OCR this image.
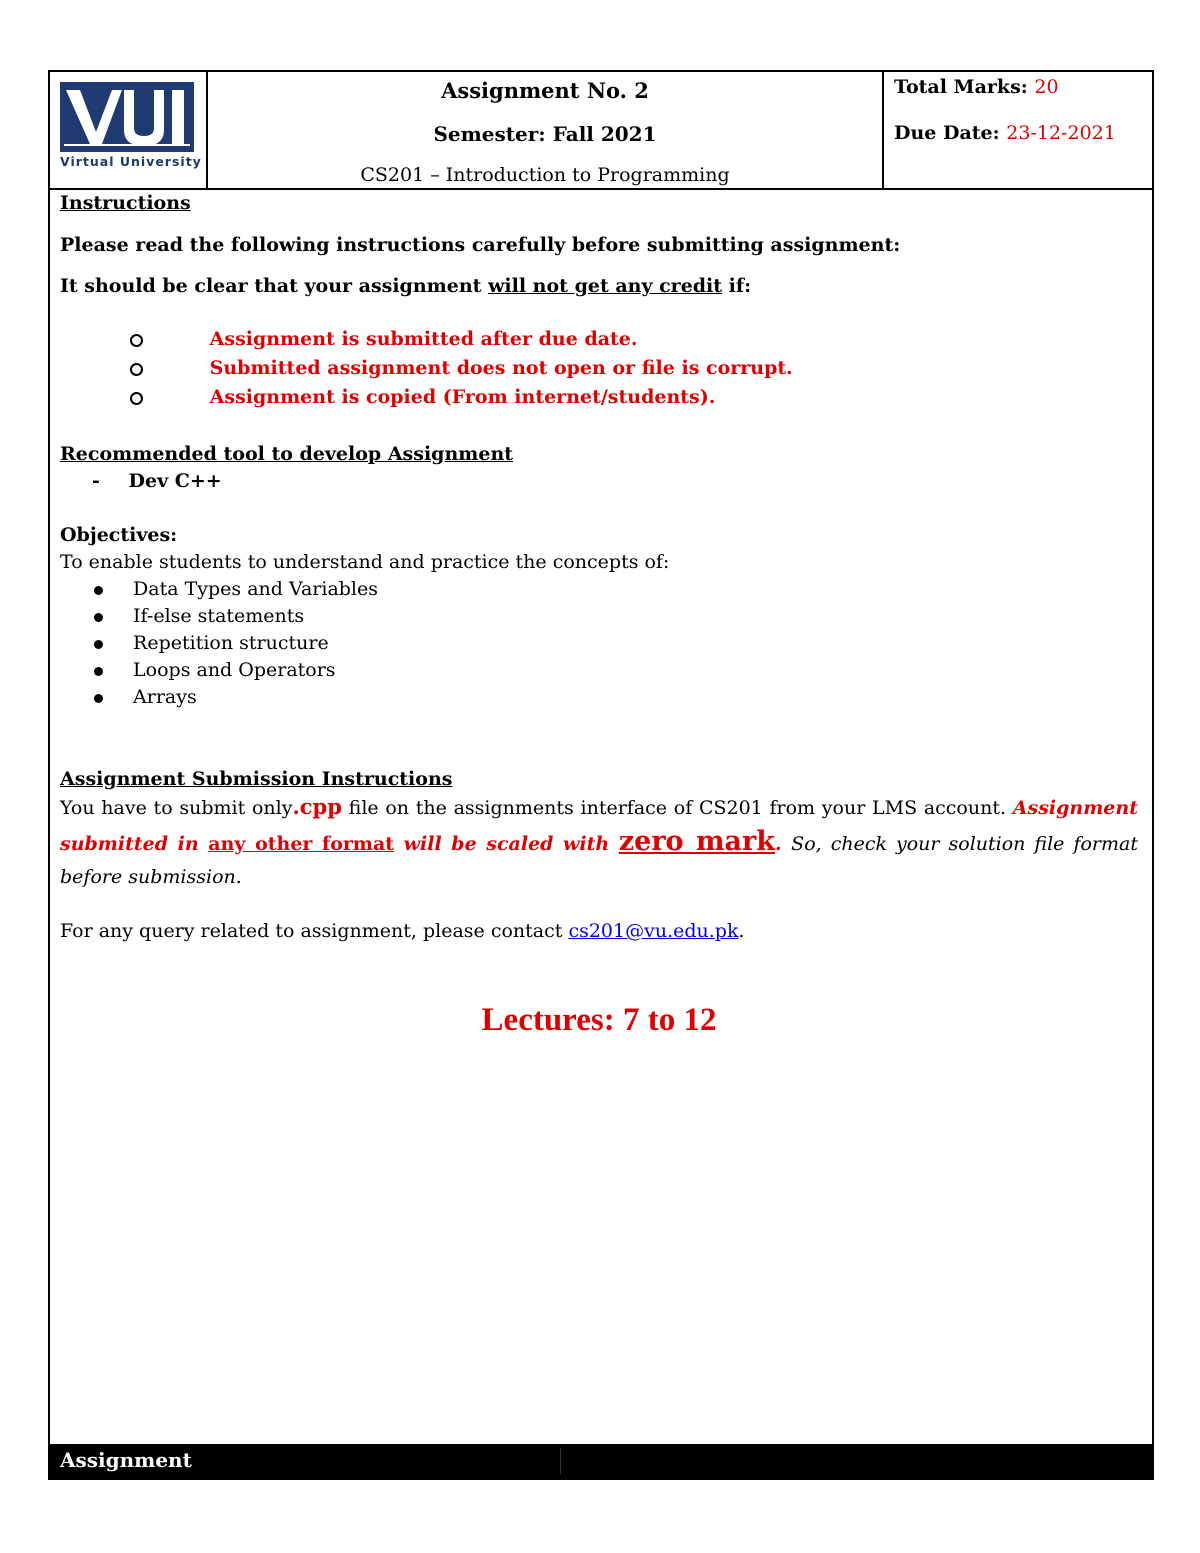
Virtual University
Assignment No. 2
Semester: Fall 2021
CS201 – Introduction to Programming
Total Marks: 20
Due Date: 23-12-2021
Instructions
Please read the following instructions carefully before submitting assignment:
It should be clear that your assignment will not get any credit if:
Assignment is submitted after due date.
Submitted assignment does not open or file is corrupt.
Assignment is copied (From internet/students).
Recommended tool to develop Assignment
- Dev C++
Objectives:
To enable students to understand and practice the concepts of:
Data Types and Variables
If-else statements
Repetition structure
Loops and Operators
Arrays
Assignment Submission Instructions
You have to submit only.cpp file on the assignments interface of CS201 from your LMS account. Assignment submitted in any other format will be scaled with zero mark. So, check your solution file format before submission.
For any query related to assignment, please contact cs201@vu.edu.pk.
Lectures: 7 to 12
Assignment
